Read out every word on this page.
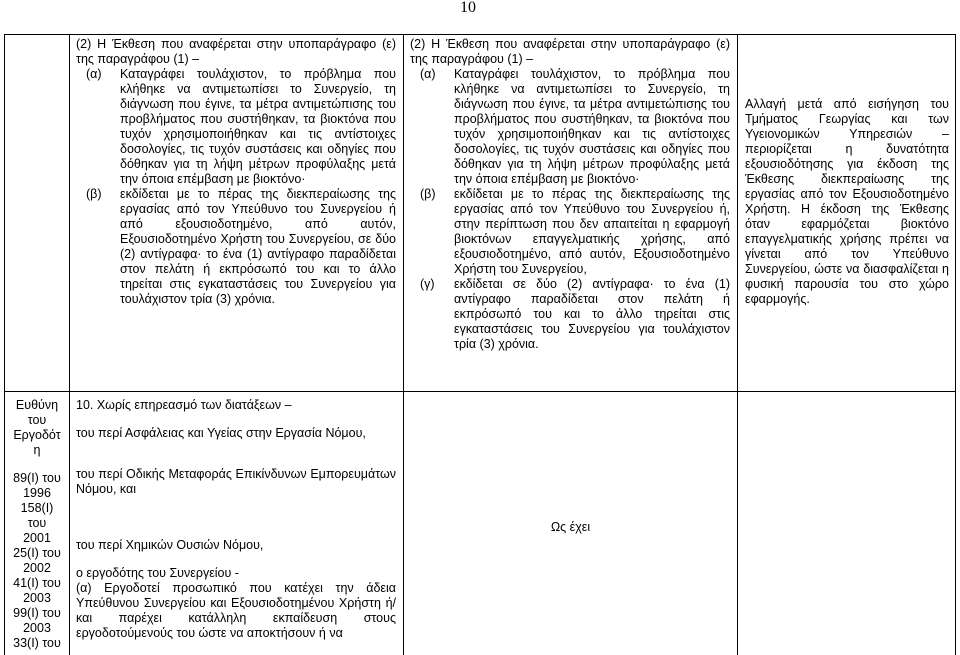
10

(2) Η Έκθεση που αναφέρεται στην υποπαράγραφο (ε) της παραγράφου (1) –

(α) Καταγράφει τουλάχιστον, το πρόβλημα που κλήθηκε να αντιμετωπίσει το Συνεργείο, τη διάγνωση που έγινε, τα μέτρα αντιμετώπισης του προβλήματος που συστήθηκαν, τα βιοκτόνα που τυχόν χρησιμοποιήθηκαν και τις αντίστοιχες δοσολογίες, τις τυχόν συστάσεις και οδηγίες που δόθηκαν για τη λήψη μέτρων προφύλαξης μετά την όποια επέμβαση με βιοκτόνο·

(β) εκδίδεται με το πέρας της διεκπεραίωσης της εργασίας από τον Υπεύθυνο του Συνεργείου ή από εξουσιοδοτημένο, από αυτόν, Εξουσιοδοτημένο Χρήστη του Συνεργείου, σε δύο (2) αντίγραφα· το ένα (1) αντίγραφο παραδίδεται στον πελάτη ή εκπρόσωπό του και το άλλο τηρείται στις εγκαταστάσεις του Συνεργείου για τουλάχιστον τρία (3) χρόνια.

(2) Η Έκθεση που αναφέρεται στην υποπαράγραφο (ε) της παραγράφου (1) –

(α) Καταγράφει τουλάχιστον, το πρόβλημα που κλήθηκε να αντιμετωπίσει το Συνεργείο, τη διάγνωση που έγινε, τα μέτρα αντιμετώπισης του προβλήματος που συστήθηκαν, τα βιοκτόνα που τυχόν χρησιμοποιήθηκαν και τις αντίστοιχες δοσολογίες, τις τυχόν συστάσεις και οδηγίες που δόθηκαν για τη λήψη μέτρων προφύλαξης μετά την όποια επέμβαση με βιοκτόνο·

(β) εκδίδεται με το πέρας της διεκπεραίωσης της εργασίας από τον Υπεύθυνο του Συνεργείου ή, στην περίπτωση που δεν απαιτείται η εφαρμογή βιοκτόνων επαγγελματικής χρήσης, από εξουσιοδοτημένο, από αυτόν, Εξουσιοδοτημένο Χρήστη του Συνεργείου,

(γ) εκδίδεται σε δύο (2) αντίγραφα· το ένα (1) αντίγραφο παραδίδεται στον πελάτη ή εκπρόσωπό του και το άλλο τηρείται στις εγκαταστάσεις του Συνεργείου για τουλάχιστον τρία (3) χρόνια.

Αλλαγή μετά από εισήγηση του Τμήματος Γεωργίας και των Υγειονομικών Υπηρεσιών – περιορίζεται η δυνατότητα εξουσιοδότησης για έκδοση της Έκθεσης διεκπεραίωσης της εργασίας από τον Εξουσιοδοτημένο Χρήστη. Η έκδοση της Έκθεσης όταν εφαρμόζεται βιοκτόνο επαγγελματικής χρήσης πρέπει να γίνεται από τον Υπεύθυνο Συνεργείου, ώστε να διασφαλίζεται η φυσική παρουσία του στο χώρο εφαρμογής.

Ευθύνη

του

Εργοδότ

η

89(I) του

1996

158(I)

του

2001

25(I) του

2002

41(I) του

2003

99(I) του

2003

33(I) του

10. Χωρίς επηρεασμό των διατάξεων –

του περί Ασφάλειας και Υγείας στην Εργασία Νόμου,

του περί Οδικής Μεταφοράς Επικίνδυνων Εμπορευμάτων Νόμου, και

του περί Χημικών Ουσιών Νόμου,

ο εργοδότης του Συνεργείου -

(α) Εργοδοτεί προσωπικό που κατέχει την άδεια Υπεύθυνου Συνεργείου και Εξουσιοδοτημένου Χρήστη ή/και παρέχει κατάλληλη εκπαίδευση στους εργοδοτούμενούς του ώστε να αποκτήσουν ή να

Ως έχει
